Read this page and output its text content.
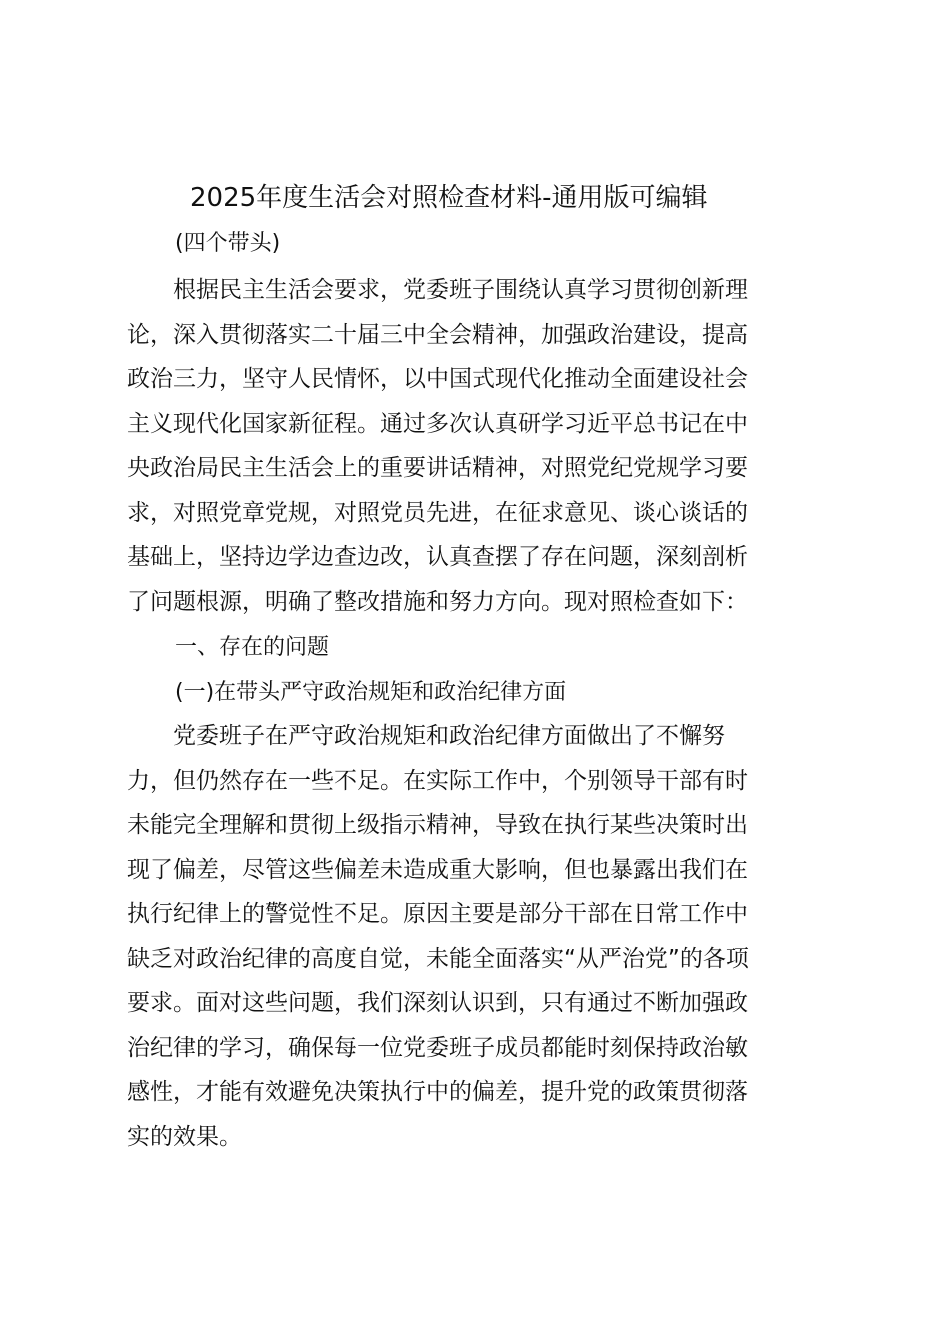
2025年度生活会对照检查材料-通用版可编辑
(四个带头)
　　根据民主生活会要求，党委班子围绕认真学习贯彻创新理
论，深入贯彻落实二十届三中全会精神，加强政治建设，提高
政治三力，坚守人民情怀，以中国式现代化推动全面建设社会
主义现代化国家新征程。通过多次认真研学习近平总书记在中
央政治局民主生活会上的重要讲话精神，对照党纪党规学习要
求，对照党章党规，对照党员先进，在征求意见、谈心谈话的
基础上，坚持边学边查边改，认真查摆了存在问题，深刻剖析
了问题根源，明确了整改措施和努力方向。现对照检查如下：
一、存在的问题
(一)在带头严守政治规矩和政治纪律方面
　　党委班子在严守政治规矩和政治纪律方面做出了不懈努
力，但仍然存在一些不足。在实际工作中，个别领导干部有时
未能完全理解和贯彻上级指示精神，导致在执行某些决策时出
现了偏差，尽管这些偏差未造成重大影响，但也暴露出我们在
执行纪律上的警觉性不足。原因主要是部分干部在日常工作中
缺乏对政治纪律的高度自觉，未能全面落实“从严治党”的各项
要求。面对这些问题，我们深刻认识到，只有通过不断加强政
治纪律的学习，确保每一位党委班子成员都能时刻保持政治敏
感性，才能有效避免决策执行中的偏差，提升党的政策贯彻落
实的效果。
